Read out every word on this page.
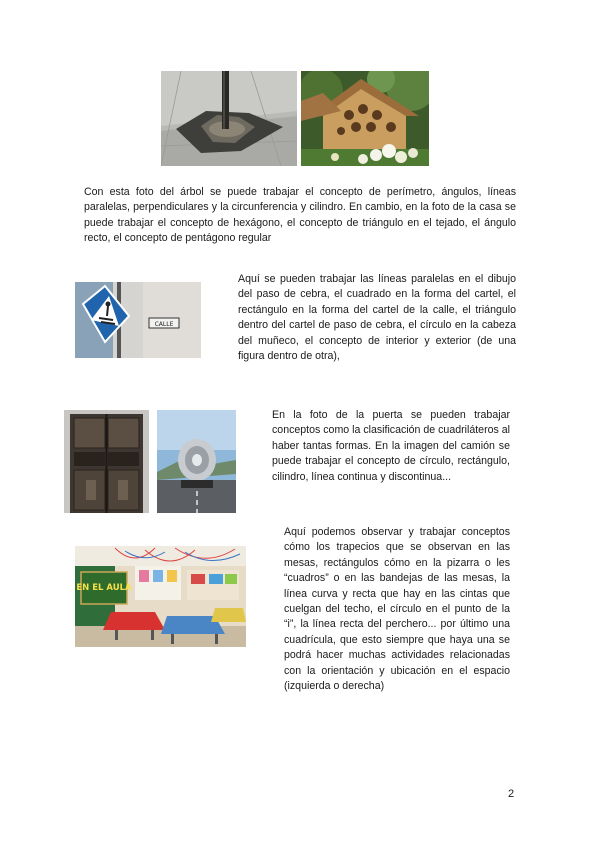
Con esta foto del árbol se puede trabajar el concepto de perímetro, ángulos, líneas paralelas, perpendiculares y la circunferencia y cilindro. En cambio, en la foto de la casa se puede trabajar el concepto de hexágono, el concepto de triángulo en el tejado, el ángulo recto, el concepto de pentágono regular

CALLE

Aquí se pueden trabajar las líneas paralelas en el dibujo del paso de cebra, el cuadrado en la forma del cartel, el rectángulo en la forma del cartel de la calle, el triángulo dentro del cartel de paso de cebra, el círculo en la cabeza del muñeco, el concepto de interior y exterior (de una figura dentro de otra),

En la foto de la puerta se pueden trabajar conceptos como la clasificación de cuadriláteros al haber tantas formas. En la imagen del camión se puede trabajar el concepto de círculo, rectángulo, cilindro, línea continua y discontinua...

EN EL AULA

Aquí podemos observar y trabajar conceptos cómo los trapecios que se observan en las mesas, rectángulos cómo en la pizarra o les “cuadros” o en las bandejas de las mesas, la línea curva y recta que hay en las cintas que cuelgan del techo, el círculo en el punto de la “i”, la línea recta del perchero... por último una cuadrícula, que esto siempre que haya una se podrá hacer muchas actividades relacionadas con la orientación y ubicación en el espacio (izquierda o derecha)

2
